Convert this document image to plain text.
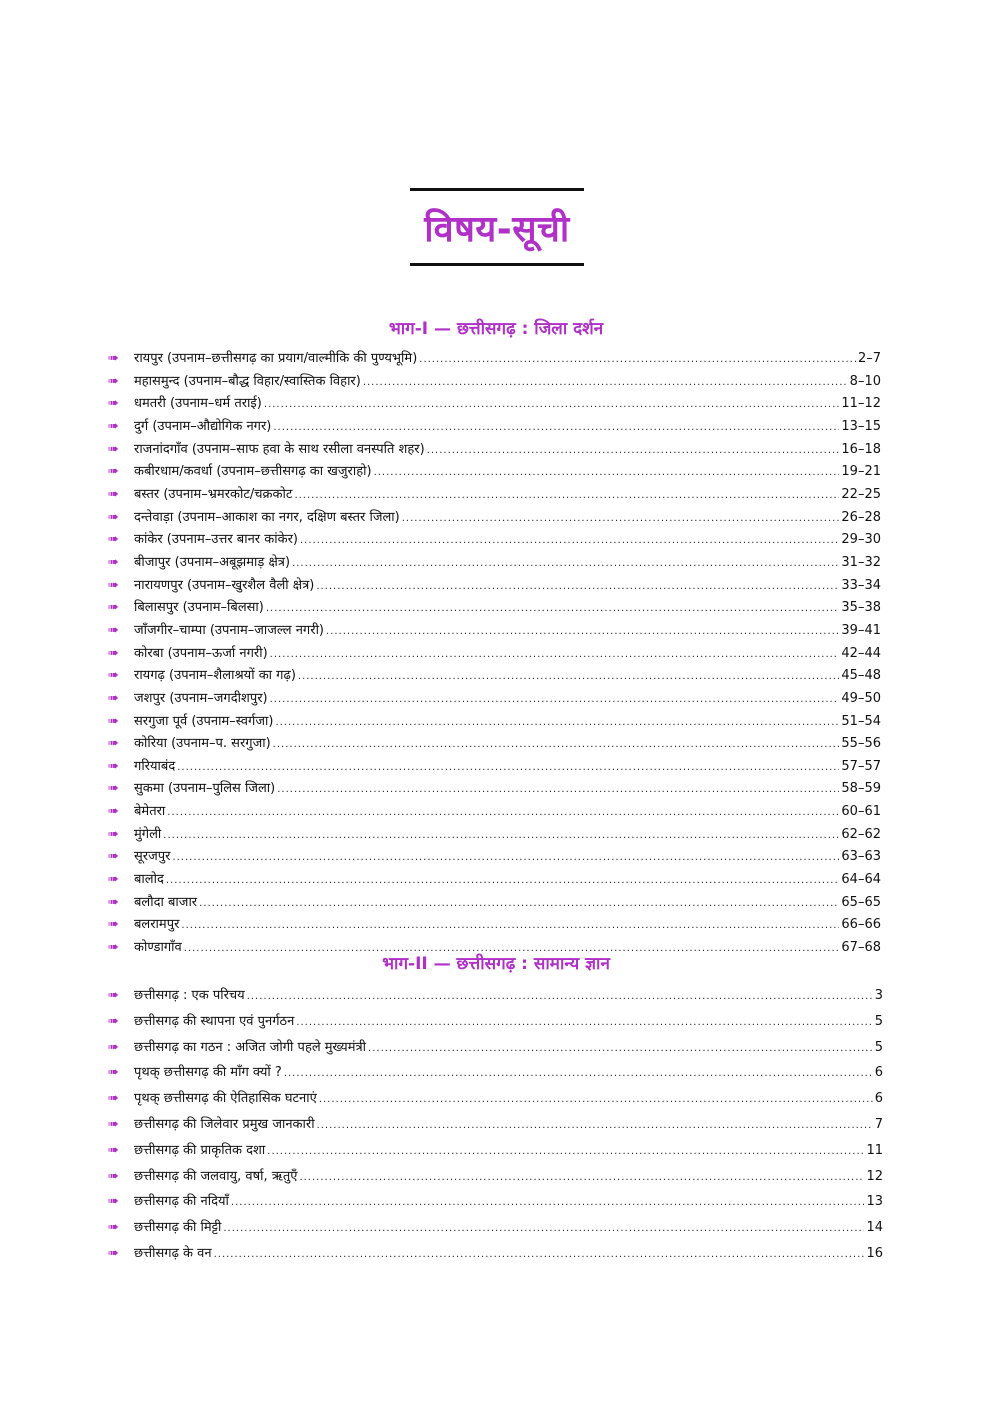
विषय-सूची
भाग-I — छत्तीसगढ़ : जिला दर्शन
➠	रायपुर (उपनाम–छत्तीसगढ़ का प्रयाग/वाल्मीकि की पुण्यभूमि) .....	2–7
➠	महासमुन्द (उपनाम–बौद्ध विहार/स्वास्तिक विहार) .....	8–10
➠	धमतरी (उपनाम–धर्म तराई) .....	11–12
➠	दुर्ग (उपनाम–औद्योगिक नगर) .....	13–15
➠	राजनांदगाँव (उपनाम–साफ हवा के साथ रसीला वनस्पति शहर) .....	16–18
➠	कबीरधाम/कवर्धा (उपनाम–छत्तीसगढ़ का खजुराहो) .....	19–21
➠	बस्तर (उपनाम–भ्रमरकोट/चक्रकोट .....	22–25
➠	दन्तेवाड़ा (उपनाम–आकाश का नगर, दक्षिण बस्तर जिला) .....	26–28
➠	कांकेर (उपनाम–उत्तर बानर कांकेर) .....	29–30
➠	बीजापुर (उपनाम–अबूझमाड़ क्षेत्र) .....	31–32
➠	नारायणपुर (उपनाम–खुरशैल वैली क्षेत्र) .....	33–34
➠	बिलासपुर (उपनाम–बिलसा) .....	35–38
➠	जाँजगीर–चाम्पा (उपनाम–जाजल्ल नगरी) .....	39–41
➠	कोरबा (उपनाम–ऊर्जा नगरी) .....	42–44
➠	रायगढ़ (उपनाम–शैलाश्रयों का गढ़) .....	45–48
➠	जशपुर (उपनाम–जगदीशपुर) .....	49–50
➠	सरगुजा पूर्व (उपनाम–स्वर्गजा) .....	51–54
➠	कोरिया (उपनाम–प. सरगुजा) .....	55–56
➠	गरियाबंद .....	57–57
➠	सुकमा (उपनाम–पुलिस जिला) .....	58–59
➠	बेमेतरा .....	60–61
➠	मुंगेली .....	62–62
➠	सूरजपुर .....	63–63
➠	बालोद .....	64–64
➠	बलौदा बाजार .....	65–65
➠	बलरामपुर .....	66–66
➠	कोण्डागाँव .....	67–68
भाग-II — छत्तीसगढ़ : सामान्य ज्ञान
➠	छत्तीसगढ़ : एक परिचय .....	3
➠	छत्तीसगढ़ की स्थापना एवं पुनर्गठन .....	5
➠	छत्तीसगढ़ का गठन : अजित जोगी पहले मुख्यमंत्री .....	5
➠	पृथक् छत्तीसगढ़ की माँग क्यों ? .....	6
➠	पृथक् छत्तीसगढ़ की ऐतिहासिक घटनाएं .....	6
➠	छत्तीसगढ़ की जिलेवार प्रमुख जानकारी .....	7
➠	छत्तीसगढ़ की प्राकृतिक दशा .....	11
➠	छत्तीसगढ़ की जलवायु, वर्षा, ऋतुएँ .....	12
➠	छत्तीसगढ़ की नदियाँ .....	13
➠	छत्तीसगढ़ की मिट्टी .....	14
➠	छत्तीसगढ़ के वन .....	16
